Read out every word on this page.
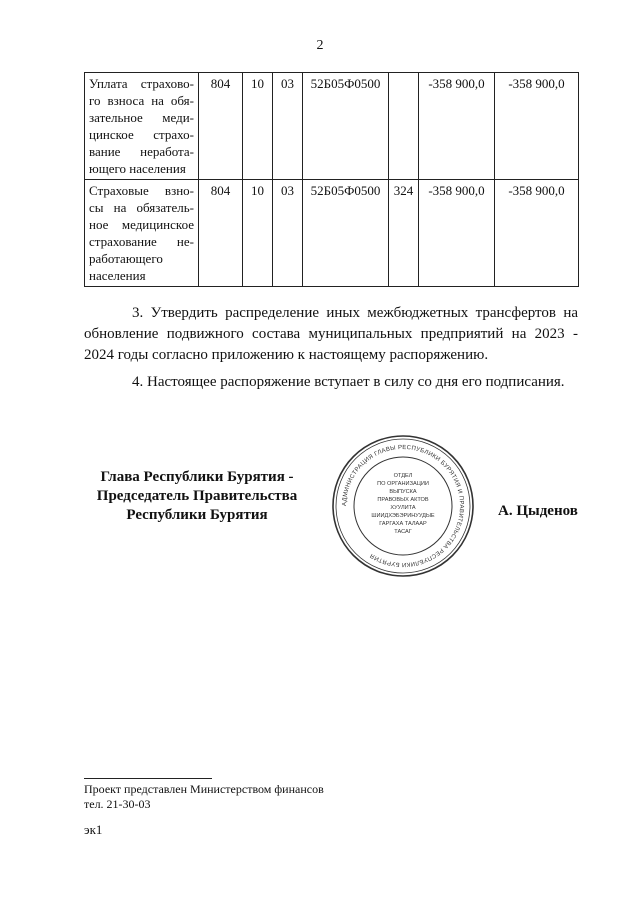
2
Уплата страхово- го взноса на обя- зательное меди- цинское страхо- вание неработа- ющего населения	804	10	03	52Б05Ф0500		-358 900,0	-358 900,0
Страховые взно- сы на обязатель- ное медицинское страхование не- работающего населения	804	10	03	52Б05Ф0500	324	-358 900,0	-358 900,0

3. Утвердить распределение иных межбюджетных трансфертов на обновление подвижного состава муниципальных предприятий на 2023 - 2024 годы согласно приложению к настоящему распоряжению.

4. Настоящее распоряжение вступает в силу со дня его подписания.

Глава Республики Бурятия -
Председатель Правительства
Республики Бурятия
АДМИНИСТРАЦИЯ ГЛАВЫ РЕСПУБЛИКИ БУРЯТИЯ И ПРАВИТЕЛЬСТВА РЕСПУБЛИКИ БУРЯТИЯ
ОТДЕЛ
ПО ОРГАНИЗАЦИИ
ВЫПУСКА
ПРАВОВЫХ АКТОВ
ХУУЛИТА
ШИИДХЭБЭРИНУУДЫЕ
ГАРГАХА ТАЛААР
ТАСАГ
А. Цыденов
Проект представлен Министерством финансов
тел. 21-30-03
эк1
